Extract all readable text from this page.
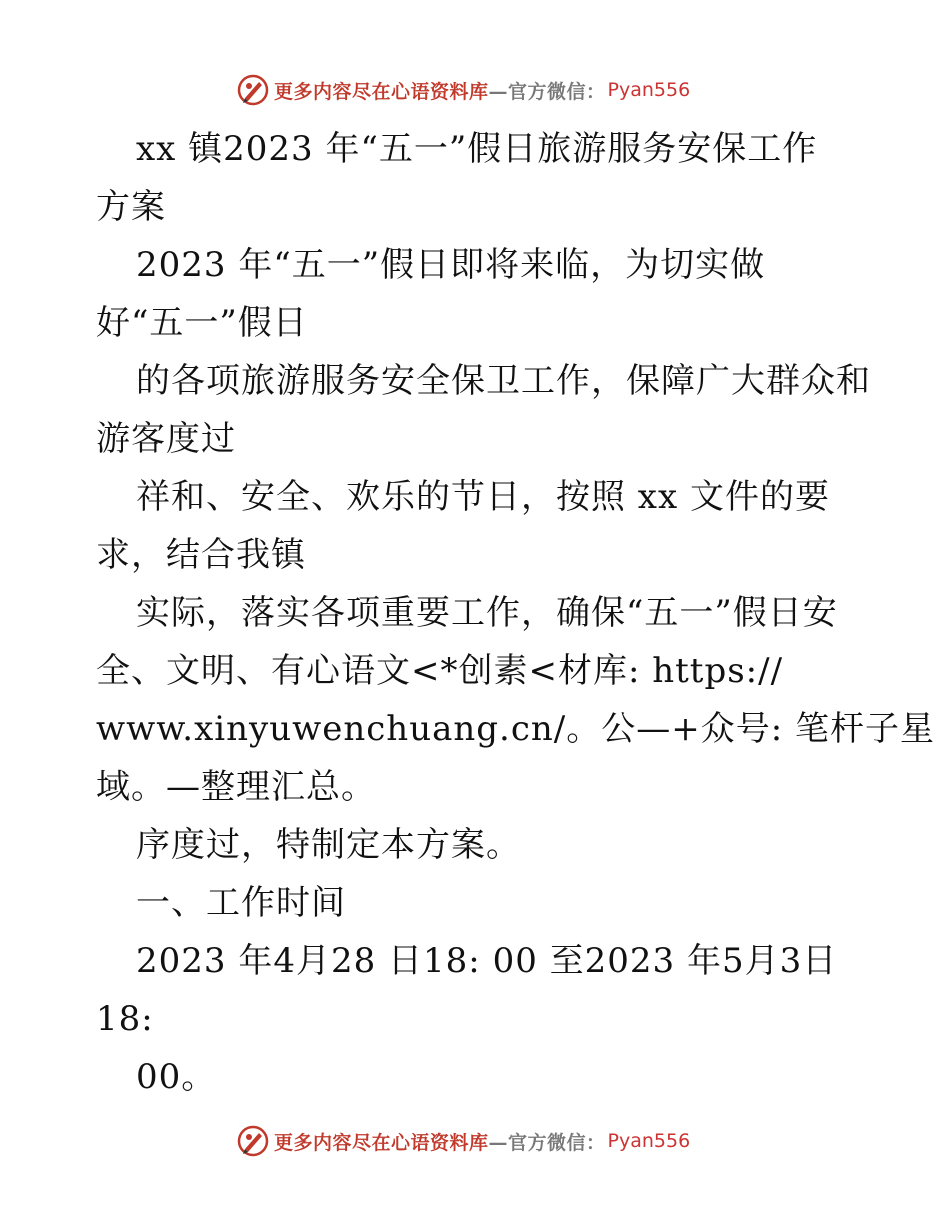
更多内容尽在心语资料库 —官方微信： Pyan556
xx 镇2023 年“五一”假日旅游服务安保工作
方案
2023 年“五一”假日即将来临，为切实做
好“五一”假日
的各项旅游服务安全保卫工作，保障广大群众和
游客度过
祥和、安全、欢乐的节日，按照 xx 文件的要
求，结合我镇
实际，落实各项重要工作，确保“五一”假日安
全、文明、有心语文<*创素<材库: https://
www.xinyuwenchuang.cn/。公—+众号: 笔杆子星
域。—整理汇总。
序度过，特制定本方案。
一、工作时间
2023 年4月28 日18: 00 至2023 年5月3日
18:
00。
更多内容尽在心语资料库 —官方微信： Pyan556
